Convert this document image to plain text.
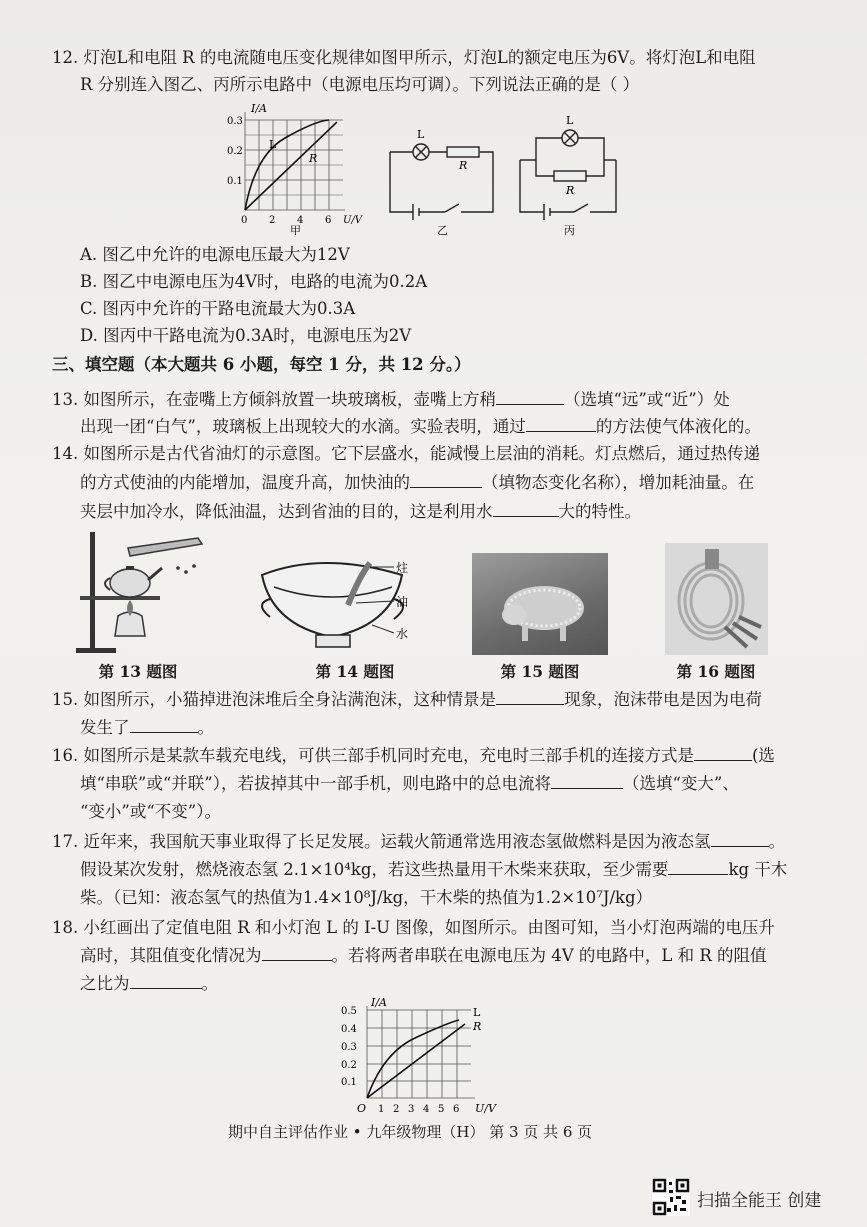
12. 灯泡L和电阻 R 的电流随电压变化规律如图甲所示，灯泡L的额定电压为6V。将灯泡L和电阻
R 分别连入图乙、丙所示电路中（电源电压均可调）。下列说法正确的是（ ）
I/A
0.3
0.2
0.1
0 2 4 6 U/V
L
R
甲
L
R
乙
L
R
丙
A. 图乙中允许的电源电压最大为12V
B. 图乙中电源电压为4V时，电路的电流为0.2A
C. 图丙中允许的干路电流最大为0.3A
D. 图丙中干路电流为0.3A时，电源电压为2V
三、填空题（本大题共 6 小题，每空 1 分，共 12 分。）
13. 如图所示，在壶嘴上方倾斜放置一块玻璃板，壶嘴上方稍	（选填“远”或“近”）处
出现一团“白气”，玻璃板上出现较大的水滴。实验表明，通过	的方法使气体液化的。
14. 如图所示是古代省油灯的示意图。它下层盛水，能减慢上层油的消耗。灯点燃后，通过热传递
的方式使油的内能增加，温度升高，加快油的	（填物态变化名称），增加耗油量。在
夹层中加冷水，降低油温，达到省油的目的，这是利用水	大的特性。
第 13 题图
炷
油
水
第 14 题图	第 15 题图	第 16 题图
15. 如图所示，小猫掉进泡沫堆后全身沾满泡沫，这种情景是	现象，泡沫带电是因为电荷
发生了	。
16. 如图所示是某款车载充电线，可供三部手机同时充电，充电时三部手机的连接方式是	(选
填“串联”或“并联”），若拔掉其中一部手机，则电路中的总电流将	（选填“变大”、
“变小”或“不变”）。
17. 近年来，我国航天事业取得了长足发展。运载火箭通常选用液态氢做燃料是因为液态氢	。
假设某次发射，燃烧液态氢 2.1×10⁴kg，若这些热量用干木柴来获取，至少需要	kg 干木
柴。（已知：液态氢气的热值为1.4×10⁸J/kg，干木柴的热值为1.2×10⁷J/kg）
18. 小红画出了定值电阻 R 和小灯泡 L 的 I-U 图像，如图所示。由图可知，当小灯泡两端的电压升
高时，其阻值变化情况为	。若将两者串联在电源电压为 4V 的电路中，L 和 R 的阻值
之比为	。
I/A
0.5
0.4
0.3
0.2
0.1
O 1 2 3 4 5 6 U/V
L
R
期中自主评估作业 • 九年级物理（H） 第 3 页 共 6 页
扫描全能王 创建
